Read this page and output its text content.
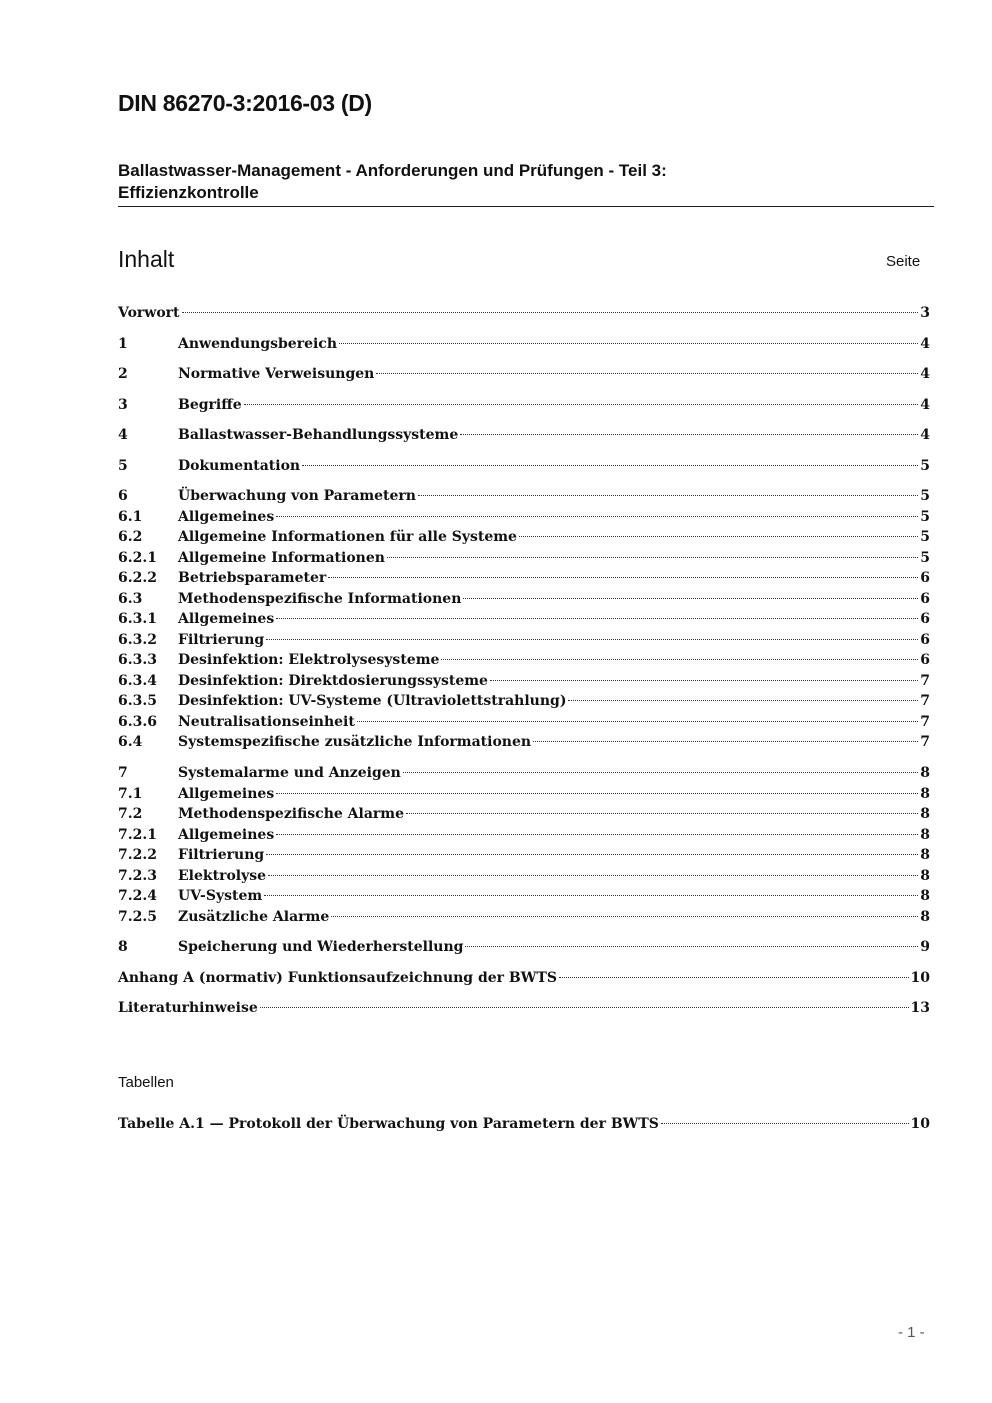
DIN 86270-3:2016-03 (D)
Ballastwasser-Management - Anforderungen und Prüfungen - Teil 3:
Effizienzkontrolle
Inhalt	Seite
Vorwort	3
1	Anwendungsbereich	4
2	Normative Verweisungen	4
3	Begriffe	4
4	Ballastwasser-Behandlungssysteme	4
5	Dokumentation	5
6	Überwachung von Parametern	5
6.1	Allgemeines	5
6.2	Allgemeine Informationen für alle Systeme	5
6.2.1	Allgemeine Informationen	5
6.2.2	Betriebsparameter	6
6.3	Methodenspezifische Informationen	6
6.3.1	Allgemeines	6
6.3.2	Filtrierung	6
6.3.3	Desinfektion: Elektrolysesysteme	6
6.3.4	Desinfektion: Direktdosierungssysteme	7
6.3.5	Desinfektion: UV-Systeme (Ultraviolettstrahlung)	7
6.3.6	Neutralisationseinheit	7
6.4	Systemspezifische zusätzliche Informationen	7
7	Systemalarme und Anzeigen	8
7.1	Allgemeines	8
7.2	Methodenspezifische Alarme	8
7.2.1	Allgemeines	8
7.2.2	Filtrierung	8
7.2.3	Elektrolyse	8
7.2.4	UV-System	8
7.2.5	Zusätzliche Alarme	8
8	Speicherung und Wiederherstellung	9
Anhang A (normativ) Funktionsaufzeichnung der BWTS	10
Literaturhinweise	13
Tabellen
Tabelle A.1 — Protokoll der Überwachung von Parametern der BWTS	10
- 1 -
